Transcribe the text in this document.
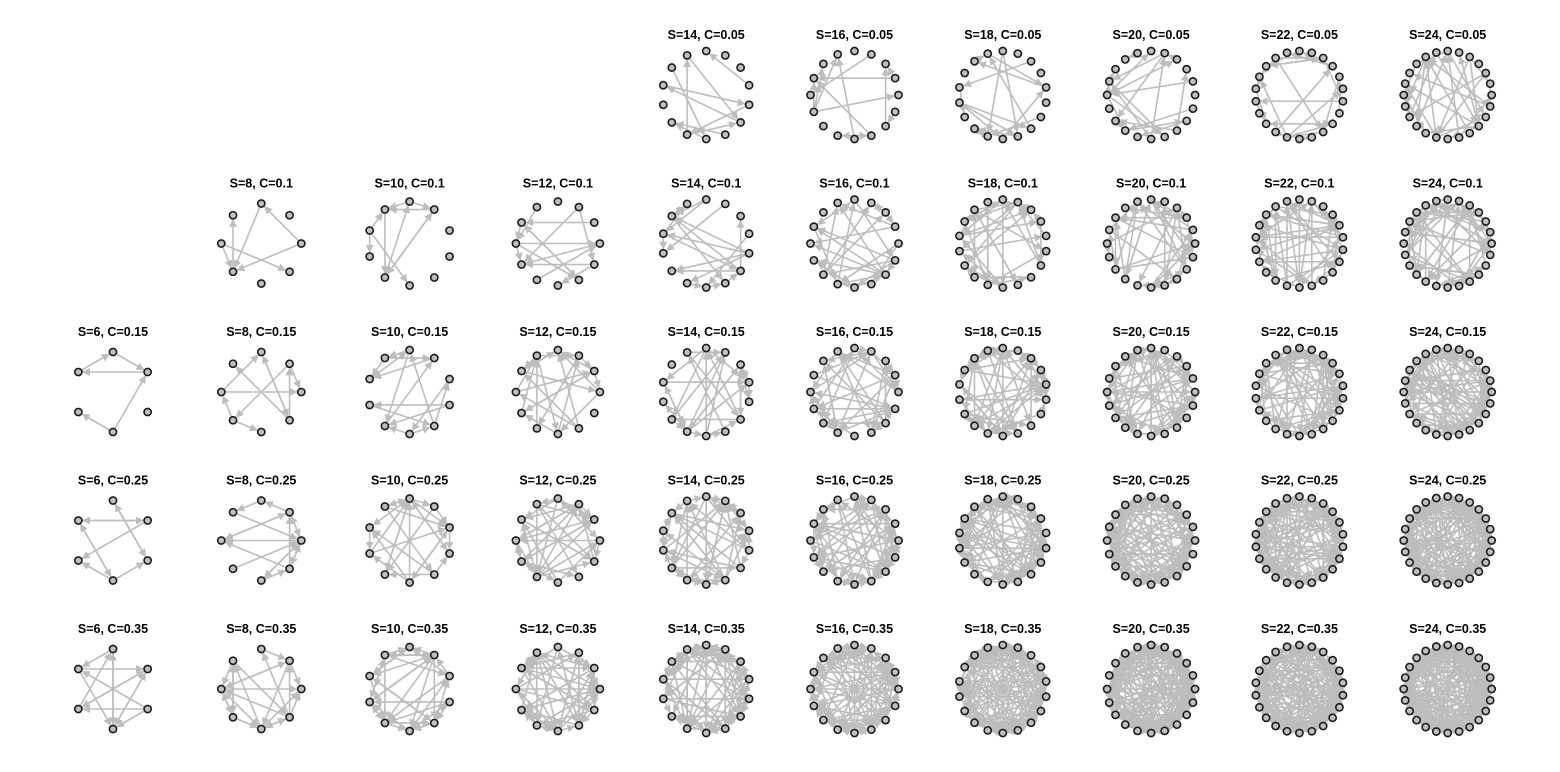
S=14, C=0.05	S=16, C=0.05	S=18, C=0.05	S=20, C=0.05	S=22, C=0.05	S=24, C=0.05
S=8, C=0.1	S=10, C=0.1	S=12, C=0.1	S=14, C=0.1	S=16, C=0.1	S=18, C=0.1	S=20, C=0.1	S=22, C=0.1	S=24, C=0.1
S=6, C=0.15	S=8, C=0.15	S=10, C=0.15	S=12, C=0.15	S=14, C=0.15	S=16, C=0.15	S=18, C=0.15	S=20, C=0.15	S=22, C=0.15	S=24, C=0.15
S=6, C=0.25	S=8, C=0.25	S=10, C=0.25	S=12, C=0.25	S=14, C=0.25	S=16, C=0.25	S=18, C=0.25	S=20, C=0.25	S=22, C=0.25	S=24, C=0.25
S=6, C=0.35	S=8, C=0.35	S=10, C=0.35	S=12, C=0.35	S=14, C=0.35	S=16, C=0.35	S=18, C=0.35	S=20, C=0.35	S=22, C=0.35	S=24, C=0.35
